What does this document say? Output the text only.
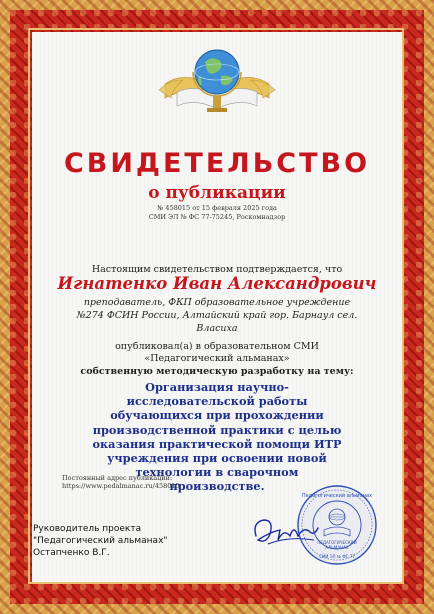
СВИДЕТЕЛЬСТВО
о публикации
№ 458015 от 15 февраля 2025 года
СМИ ЭЛ № ФС 77-75245, Роскомнадзор
Настоящим свидетельством подтверждается, что
Игнатенко Иван Александрович
преподаватель, ФКП образовательное учреждение №274 ФСИН России, Алтайский край гор. Барнаул сел. Власиха
опубликовал(а) в образовательном СМИ
«Педагогический альманах»
собственную методическую разработку на тему:
Организация научно-исследовательской работы обучающихся при прохождении производственной практики с целью оказания практической помощи ИТР учреждения при освоении новой технологии в сварочном производстве.
Постоянный адрес публикации:
https://www.pedalmanac.ru/458015
Руководитель проекта
"Педагогический альманах"
Остапченко В.Г.
Педагогический альманах
ПЕДАГОГИЧЕСКИЙ
АЛЬМАНАХ
СМИ ЭЛ № ФС 77
